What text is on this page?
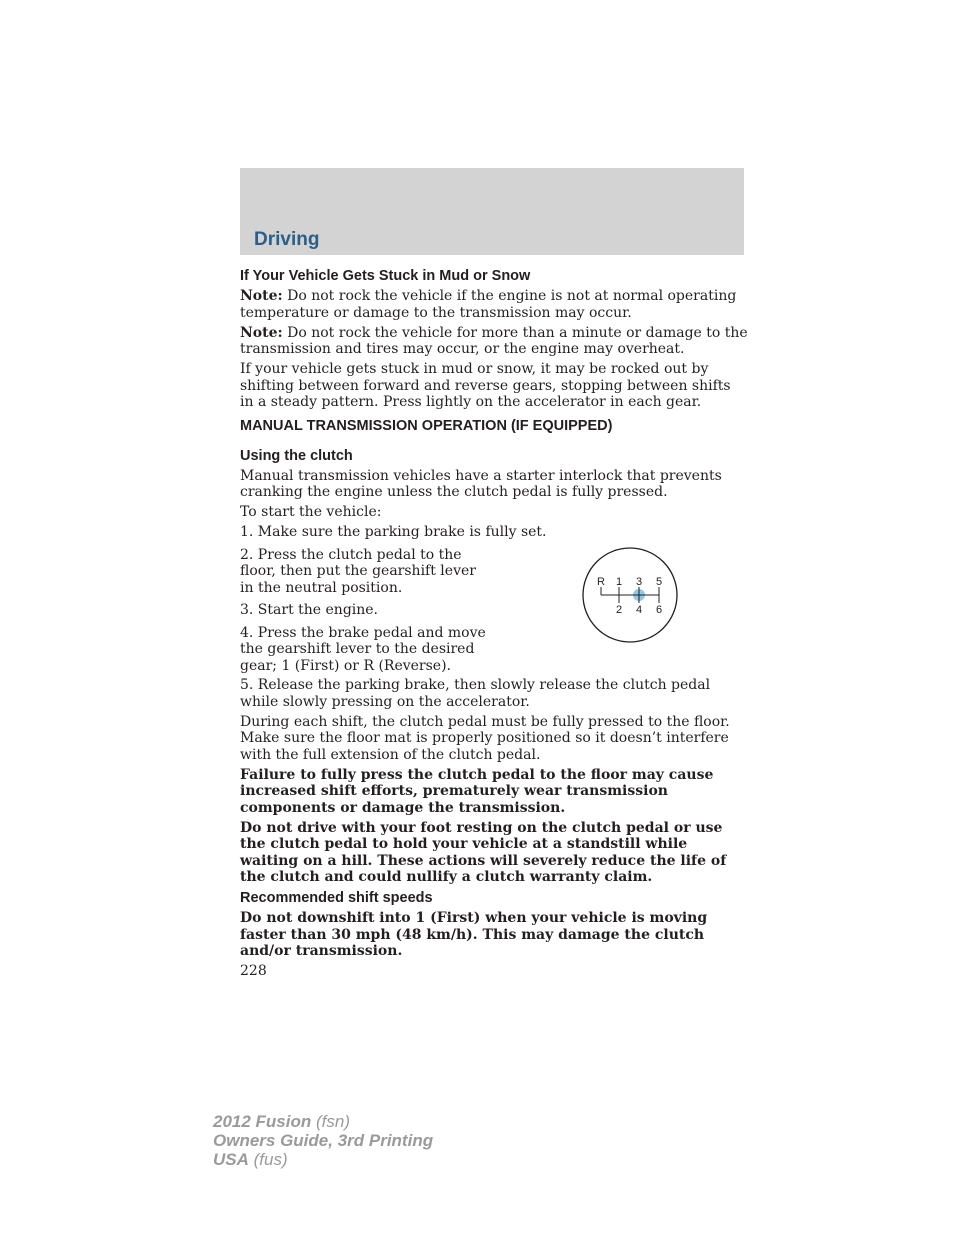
Driving
If Your Vehicle Gets Stuck in Mud or Snow

Note: Do not rock the vehicle if the engine is not at normal operating temperature or damage to the transmission may occur.

Note: Do not rock the vehicle for more than a minute or damage to the transmission and tires may occur, or the engine may overheat.

If your vehicle gets stuck in mud or snow, it may be rocked out by shifting between forward and reverse gears, stopping between shifts in a steady pattern. Press lightly on the accelerator in each gear.

MANUAL TRANSMISSION OPERATION (IF EQUIPPED)
Using the clutch

Manual transmission vehicles have a starter interlock that prevents cranking the engine unless the clutch pedal is fully pressed.

To start the vehicle:

1. Make sure the parking brake is fully set.

2. Press the clutch pedal to the floor, then put the gearshift lever in the neutral position.

3. Start the engine.

4. Press the brake pedal and move the gearshift lever to the desired gear; 1 (First) or R (Reverse).

R 1 3 5
2 4 6

5. Release the parking brake, then slowly release the clutch pedal while slowly pressing on the accelerator.

During each shift, the clutch pedal must be fully pressed to the floor. Make sure the floor mat is properly positioned so it doesn’t interfere with the full extension of the clutch pedal.

Failure to fully press the clutch pedal to the floor may cause increased shift efforts, prematurely wear transmission components or damage the transmission.

Do not drive with your foot resting on the clutch pedal or use the clutch pedal to hold your vehicle at a standstill while waiting on a hill. These actions will severely reduce the life of the clutch and could nullify a clutch warranty claim.

Recommended shift speeds

Do not downshift into 1 (First) when your vehicle is moving faster than 30 mph (48 km/h). This may damage the clutch and/or transmission.

228
2012 Fusion (fsn)
Owners Guide, 3rd Printing
USA (fus)
